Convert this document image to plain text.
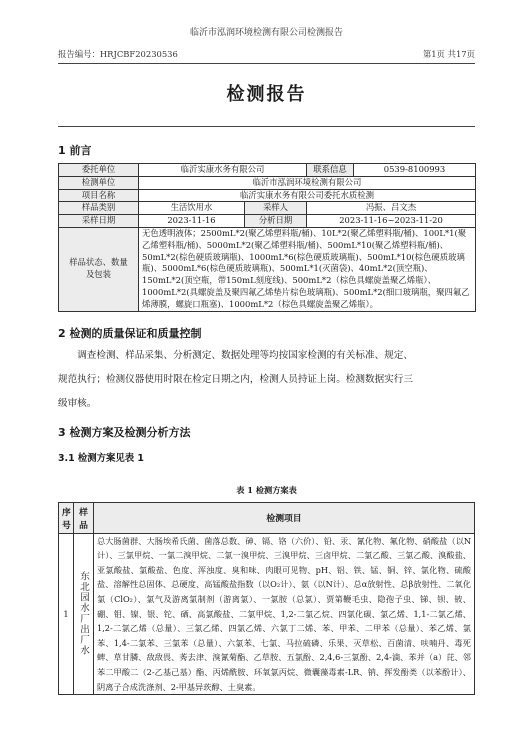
临沂市泓润环境检测有限公司检测报告
报告编号：HRJCBF20230536	第1页 共17页
检测报告
1 前言
委托单位	临沂实康水务有限公司		联系信息	0539-8100993
检测单位	临沂市泓润环境检测有限公司			
项目名称	临沂实康水务有限公司委托水质检测			
样品类别	生活饮用水	采样人	冯振、吕文杰	
采样日期	2023-11-16	分析日期	2023-11-16~2023-11-20	
样品状态、数量及包装	无色透明液体；2500mL*2(聚乙烯塑料瓶/桶)、10L*2(聚乙烯塑料瓶/桶)、100L*1(聚乙烯塑料瓶/桶)、5000mL*2(聚乙烯塑料瓶/桶)、500mL*10(聚乙烯塑料瓶/桶)、50mL*2(棕色硬质玻璃瓶)、1000mL*6(棕色硬质玻璃瓶)、500mL*10(棕色硬质玻璃瓶)、5000mL*6(棕色硬质玻璃瓶)、500mL*1(灭菌袋)、40mL*2(顶空瓶)、150mL*2(顶空瓶，带150mL刻度线)、500mL*2（棕色具螺旋盖聚乙烯瓶）、1000mL*2(具螺旋盖及聚四氟乙烯垫片棕色玻璃瓶)、500mL*2(细口玻璃瓶，聚四氟乙烯薄膜，螺旋口瓶塞)、1000mL*2（棕色具螺旋盖聚乙烯瓶）。			
2 检测的质量保证和质量控制

调查检测、样品采集、分析测定、数据处理等均按国家检测的有关标准、规定、

规范执行；检测仪器使用时限在检定日期之内，检测人员持证上岗。检测数据实行三

级审核。

3 检测方案及检测分析方法
3.1 检测方案见表 1
表 1 检测方案表
序号	样品	检测项目
1	东北园水厂出厂水	总大肠菌群、大肠埃希氏菌、菌落总数、砷、镉、铬（六价）、铅、汞、氰化物、氟化物、硝酸盐（以N计）、三氯甲烷、一氯二溴甲烷、二氯一溴甲烷、三溴甲烷、三卤甲烷、二氯乙酸、三氯乙酸、溴酸盐、亚氯酸盐、氯酸盐、色度、浑浊度、臭和味、肉眼可见物、pH、铝、铁、锰、铜、锌、氯化物、硫酸盐、溶解性总固体、总硬度、高锰酸盐指数（以O₂计）、氨（以N计）、总α放射性、总β放射性、二氧化氯（ClO₂）、氯气及游离氯制剂（游离氯）、一氯胺（总氯）、贾第鞭毛虫、隐孢子虫、锑、钡、铍、硼、钼、镍、银、铊、硒、高氯酸盐、二氯甲烷、1,2-二氯乙烷、四氯化碳、氯乙烯、1,1-二氯乙烯、1,2-二氯乙烯（总量）、三氯乙烯、四氯乙烯、六氯丁二烯、苯、甲苯、二甲苯（总量）、苯乙烯、氯苯、1,4-二氯苯、三氯苯（总量）、六氯苯、七氯、马拉硫磷、乐果、灭草松、百菌清、呋喃丹、毒死蜱、草甘膦、敌敌畏、莠去津、溴氰菊酯、乙草胺、五氯酚、2,4,6-三氯酚、2,4-滴、苯并（a）芘、邻苯二甲酸二（2-乙基己基）酯、丙烯酰胺、环氧氯丙烷、微囊藻毒素-LR、钠、挥发酚类（以苯酚计）、阴离子合成洗涤剂、2-甲基异莰醇、土臭素。
